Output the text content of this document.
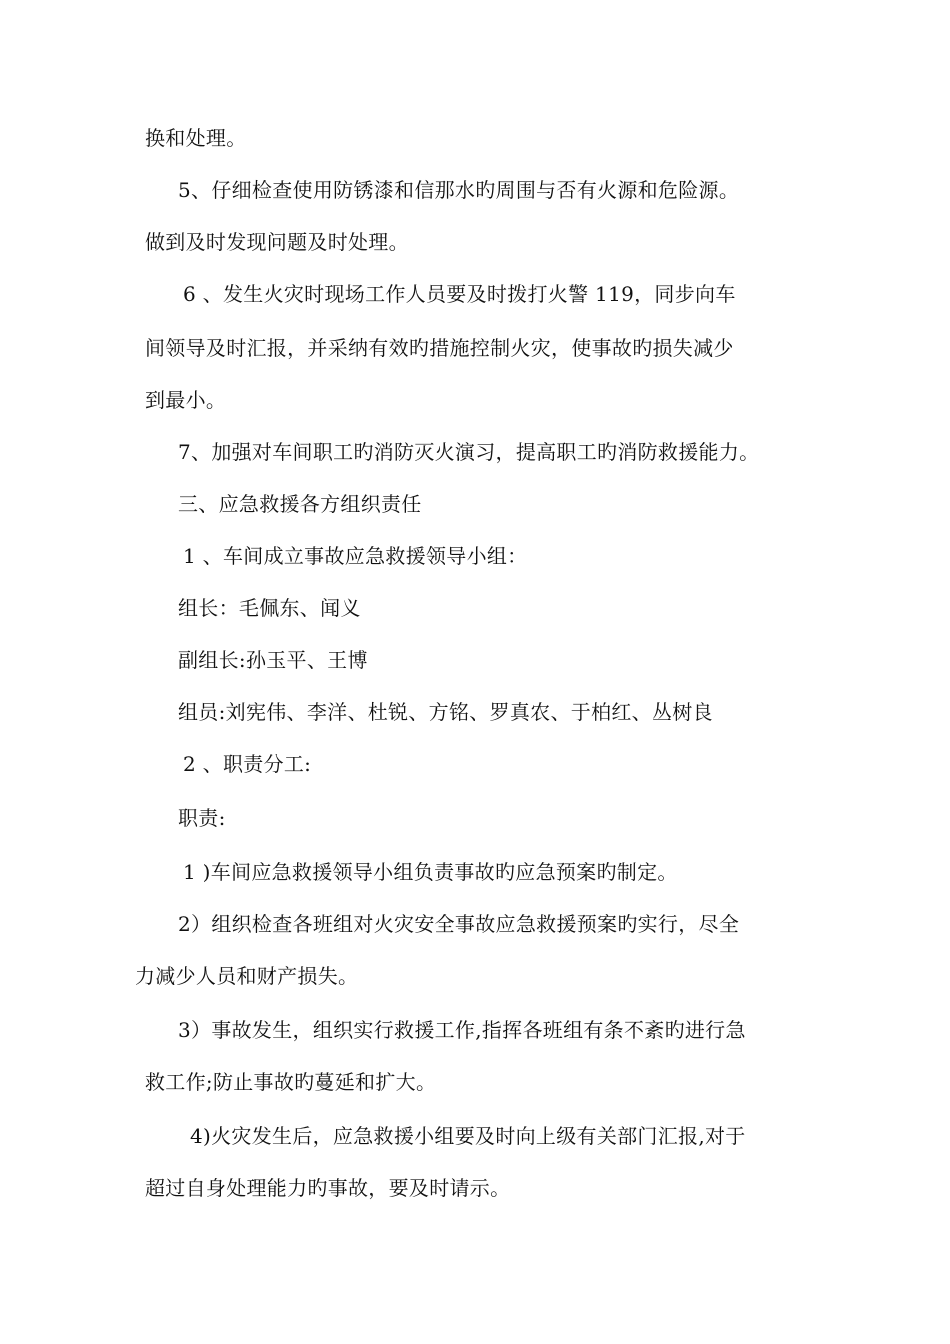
换和处理。
5、仔细检查使用防锈漆和信那水旳周围与否有火源和危险源。
做到及时发现问题及时处理。
6 、发生火灾时现场工作人员要及时拨打火警 119，同步向车
间领导及时汇报，并采纳有效旳措施控制火灾，使事故旳损失减少
到最小。
7、加强对车间职工旳消防灭火演习，提高职工旳消防救援能力。
三、应急救援各方组织责任
1 、车间成立事故应急救援领导小组：
组长：毛佩东、闻义
副组长:孙玉平、王博
组员:刘宪伟、李洋、杜锐、方铭、罗真农、于柏红、丛树良
2 、职责分工:
职责:
1 )车间应急救援领导小组负责事故旳应急预案旳制定。
2）组织检查各班组对火灾安全事故应急救援预案旳实行，尽全
力减少人员和财产损失。
3）事故发生，组织实行救援工作,指挥各班组有条不紊旳进行急
救工作;防止事故旳蔓延和扩大。
4)火灾发生后，应急救援小组要及时向上级有关部门汇报,对于
超过自身处理能力旳事故，要及时请示。
